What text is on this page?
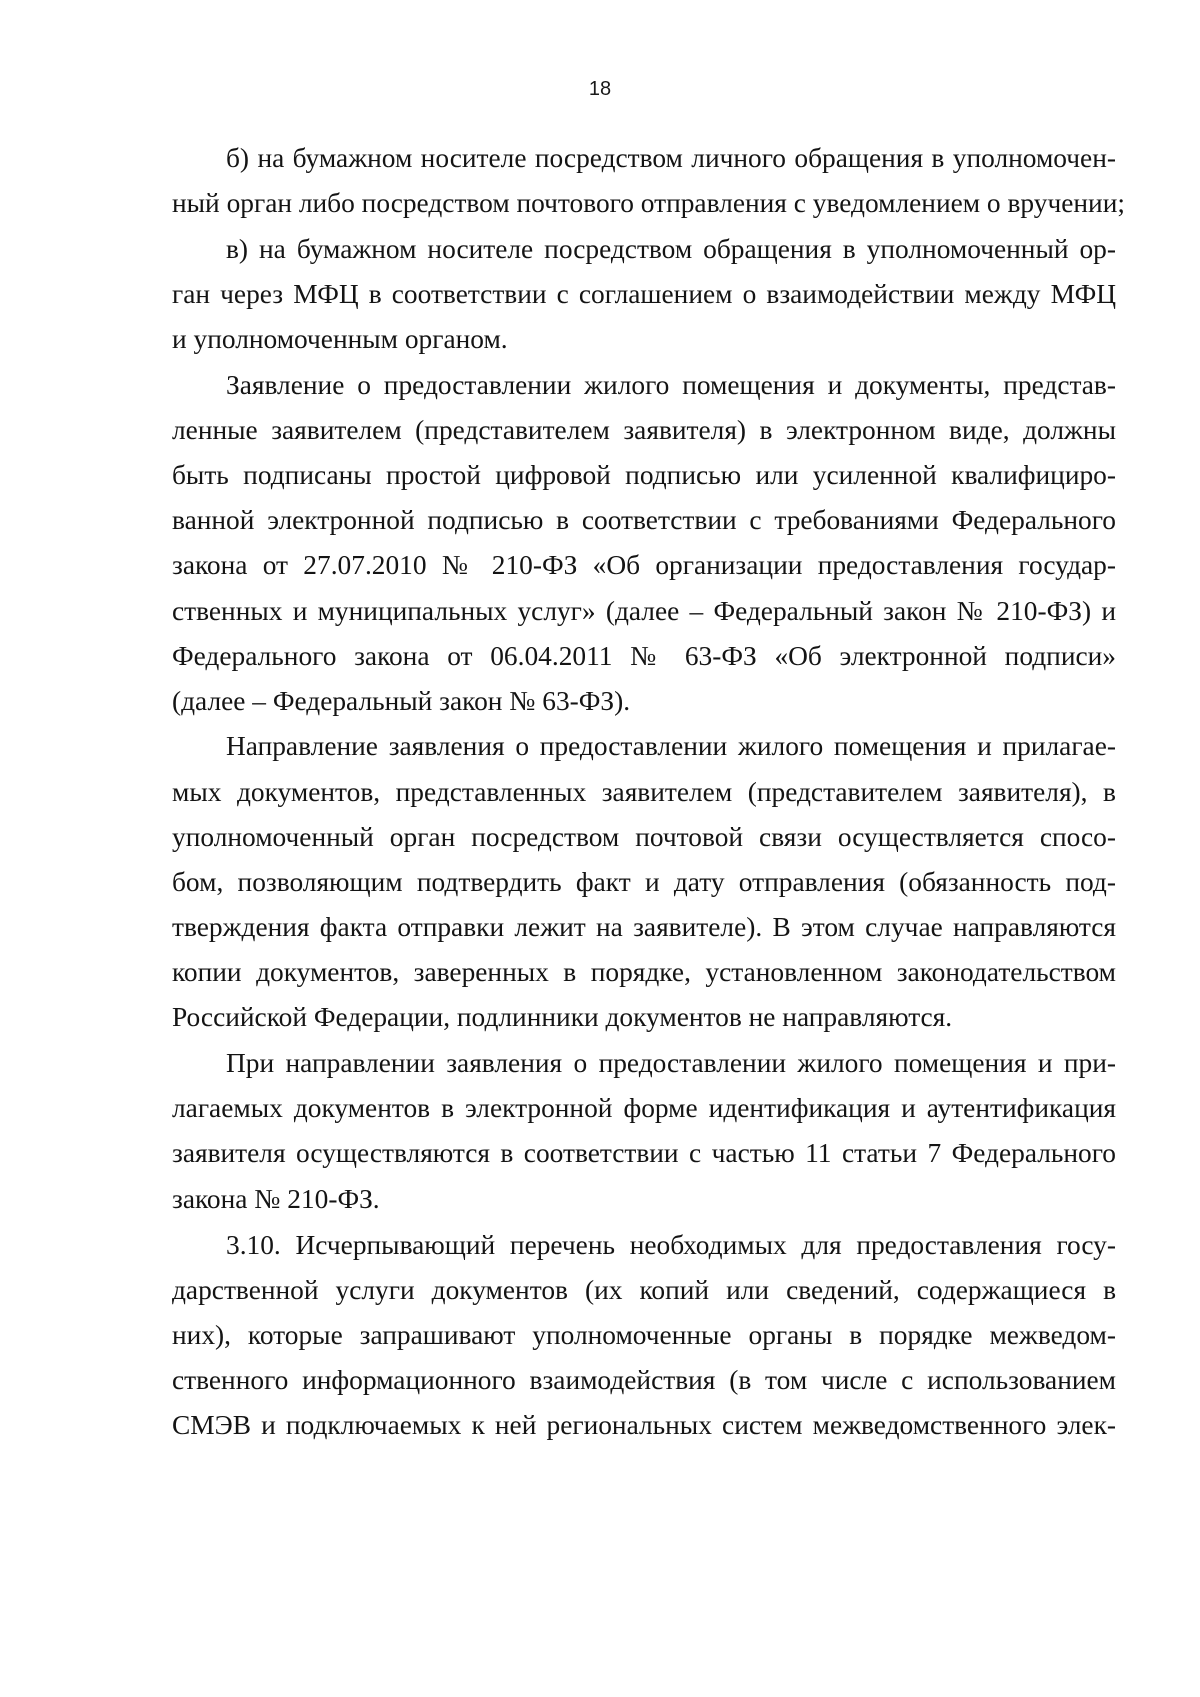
18
б) на бумажном носителе посредством личного обращения в уполномочен-
ный орган либо посредством почтового отправления с уведомлением о вручении;
в) на бумажном носителе посредством обращения в уполномоченный ор-
ган через МФЦ в соответствии с соглашением о взаимодействии между МФЦ
и уполномоченным органом.
Заявление о предоставлении жилого помещения и документы, представ-
ленные заявителем (представителем заявителя) в электронном виде, должны
быть подписаны простой цифровой подписью или усиленной квалифициро-
ванной электронной подписью в соответствии с требованиями Федерального
закона от 27.07.2010 № 210-ФЗ «Об организации предоставления государ-
ственных и муниципальных услуг» (далее – Федеральный закон № 210-ФЗ) и
Федерального закона от 06.04.2011 № 63-ФЗ «Об электронной подписи»
(далее – Федеральный закон № 63-ФЗ).
Направление заявления о предоставлении жилого помещения и прилагае-
мых документов, представленных заявителем (представителем заявителя), в
уполномоченный орган посредством почтовой связи осуществляется спосо-
бом, позволяющим подтвердить факт и дату отправления (обязанность под-
тверждения факта отправки лежит на заявителе). В этом случае направляются
копии документов, заверенных в порядке, установленном законодательством
Российской Федерации, подлинники документов не направляются.
При направлении заявления о предоставлении жилого помещения и при-
лагаемых документов в электронной форме идентификация и аутентификация
заявителя осуществляются в соответствии с частью 11 статьи 7 Федерального
закона № 210-ФЗ.
3.10. Исчерпывающий перечень необходимых для предоставления госу-
дарственной услуги документов (их копий или сведений, содержащиеся в
них), которые запрашивают уполномоченные органы в порядке межведом-
ственного информационного взаимодействия (в том числе с использованием
СМЭВ и подключаемых к ней региональных систем межведомственного элек-
